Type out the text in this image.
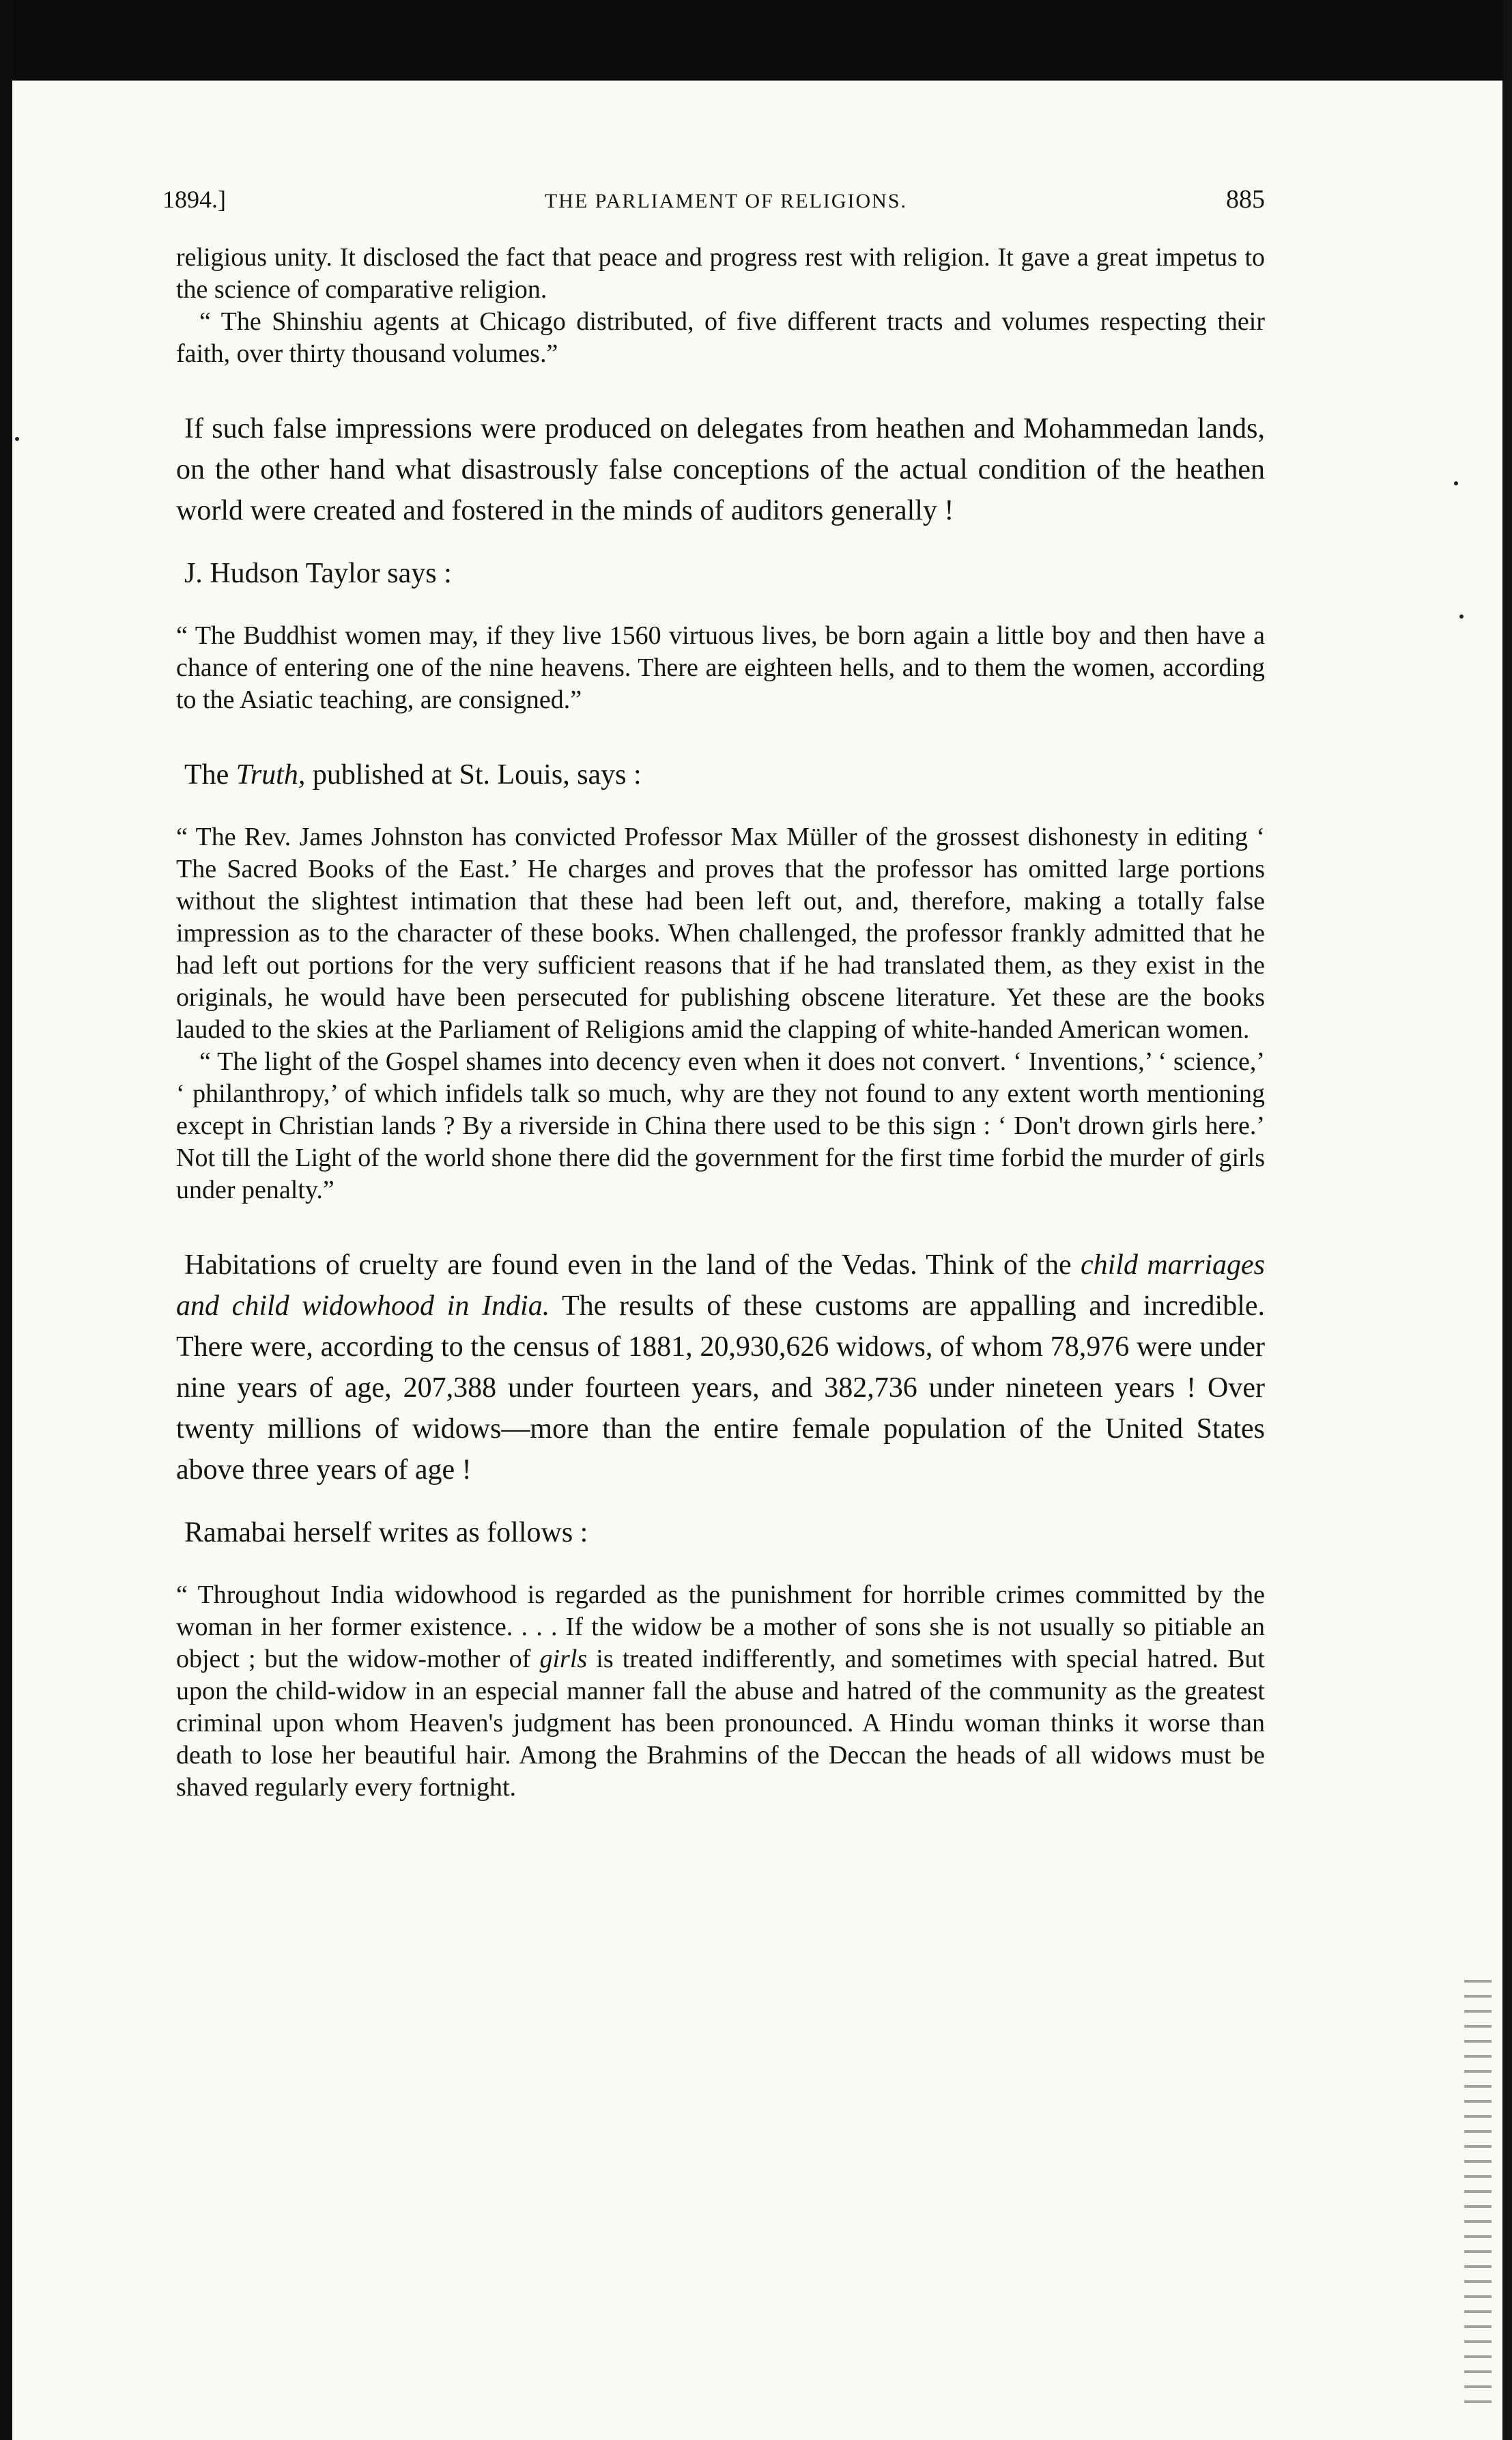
1894.]	THE PARLIAMENT OF RELIGIONS.	885

religious unity. It disclosed the fact that peace and progress rest with religion. It gave a great impetus to the science of comparative religion.

“ The Shinshiu agents at Chicago distributed, of five different tracts and volumes respecting their faith, over thirty thousand volumes.”

If such false impressions were produced on delegates from heathen and Mohammedan lands, on the other hand what disastrously false conceptions of the actual condition of the heathen world were created and fostered in the minds of auditors generally !

J. Hudson Taylor says :

“ The Buddhist women may, if they live 1560 virtuous lives, be born again a little boy and then have a chance of entering one of the nine heavens. There are eighteen hells, and to them the women, according to the Asiatic teaching, are consigned.”

The Truth, published at St. Louis, says :

“ The Rev. James Johnston has convicted Professor Max Müller of the grossest dishonesty in editing ‘ The Sacred Books of the East.’ He charges and proves that the professor has omitted large portions without the slightest intimation that these had been left out, and, therefore, making a totally false impression as to the character of these books. When challenged, the professor frankly admitted that he had left out portions for the very sufficient reasons that if he had translated them, as they exist in the originals, he would have been persecuted for publishing obscene literature. Yet these are the books lauded to the skies at the Parliament of Religions amid the clapping of white-handed American women.

“ The light of the Gospel shames into decency even when it does not convert. ‘ Inventions,’ ‘ science,’ ‘ philanthropy,’ of which infidels talk so much, why are they not found to any extent worth mentioning except in Christian lands ? By a riverside in China there used to be this sign : ‘ Don't drown girls here.’ Not till the Light of the world shone there did the government for the first time forbid the murder of girls under penalty.”

Habitations of cruelty are found even in the land of the Vedas. Think of the child marriages and child widowhood in India. The results of these customs are appalling and incredible. There were, according to the census of 1881, 20,930,626 widows, of whom 78,976 were under nine years of age, 207,388 under fourteen years, and 382,736 under nineteen years ! Over twenty millions of widows—more than the entire female population of the United States above three years of age !

Ramabai herself writes as follows :

“ Throughout India widowhood is regarded as the punishment for horrible crimes committed by the woman in her former existence. . . . If the widow be a mother of sons she is not usually so pitiable an object ; but the widow-mother of girls is treated indifferently, and sometimes with special hatred. But upon the child-widow in an especial manner fall the abuse and hatred of the community as the greatest criminal upon whom Heaven's judgment has been pronounced. A Hindu woman thinks it worse than death to lose her beautiful hair. Among the Brahmins of the Deccan the heads of all widows must be shaved regularly every fortnight.
